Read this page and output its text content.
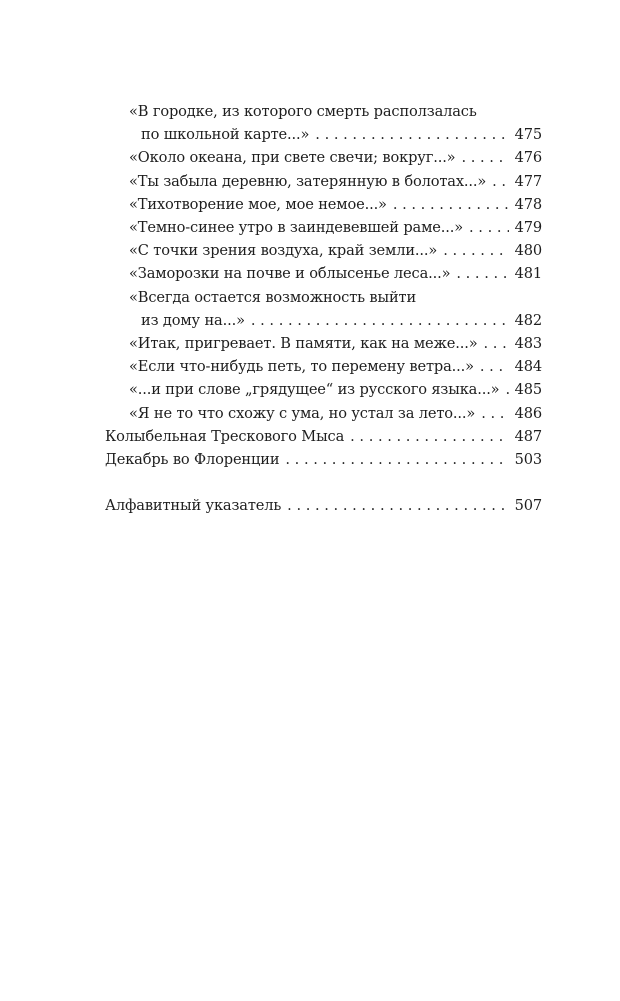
«В городке, из которого смерть расползалась
по школьной карте...» . . .	475
«Около океана, при свете свечи; вокруг...» . . .	476
«Ты забыла деревню, затерянную в болотах...» . . . 477
«Тихотворение мое, мое немое...» . . .	478
«Темно-синее утро в заиндевевшей раме...» . . .	479
«С точки зрения воздуха, край земли...» . . .	480
«Заморозки на почве и облысенье леса...» . . .	481
«Всегда остается возможность выйти
из дому на...» . . .	482
«Итак, пригревает. В памяти, как на меже...» . . .	483
«Если что-нибудь петь, то перемену ветра...» . . .	484
«...и при слове „грядущее“ из русского языка...» . . . 485
«Я не то что схожу с ума, но устал за лето...» . . .	486
Колыбельная Трескового Мыса . . .	487
Декабрь во Флоренции . . .	503
Алфавитный указатель . . .	507
